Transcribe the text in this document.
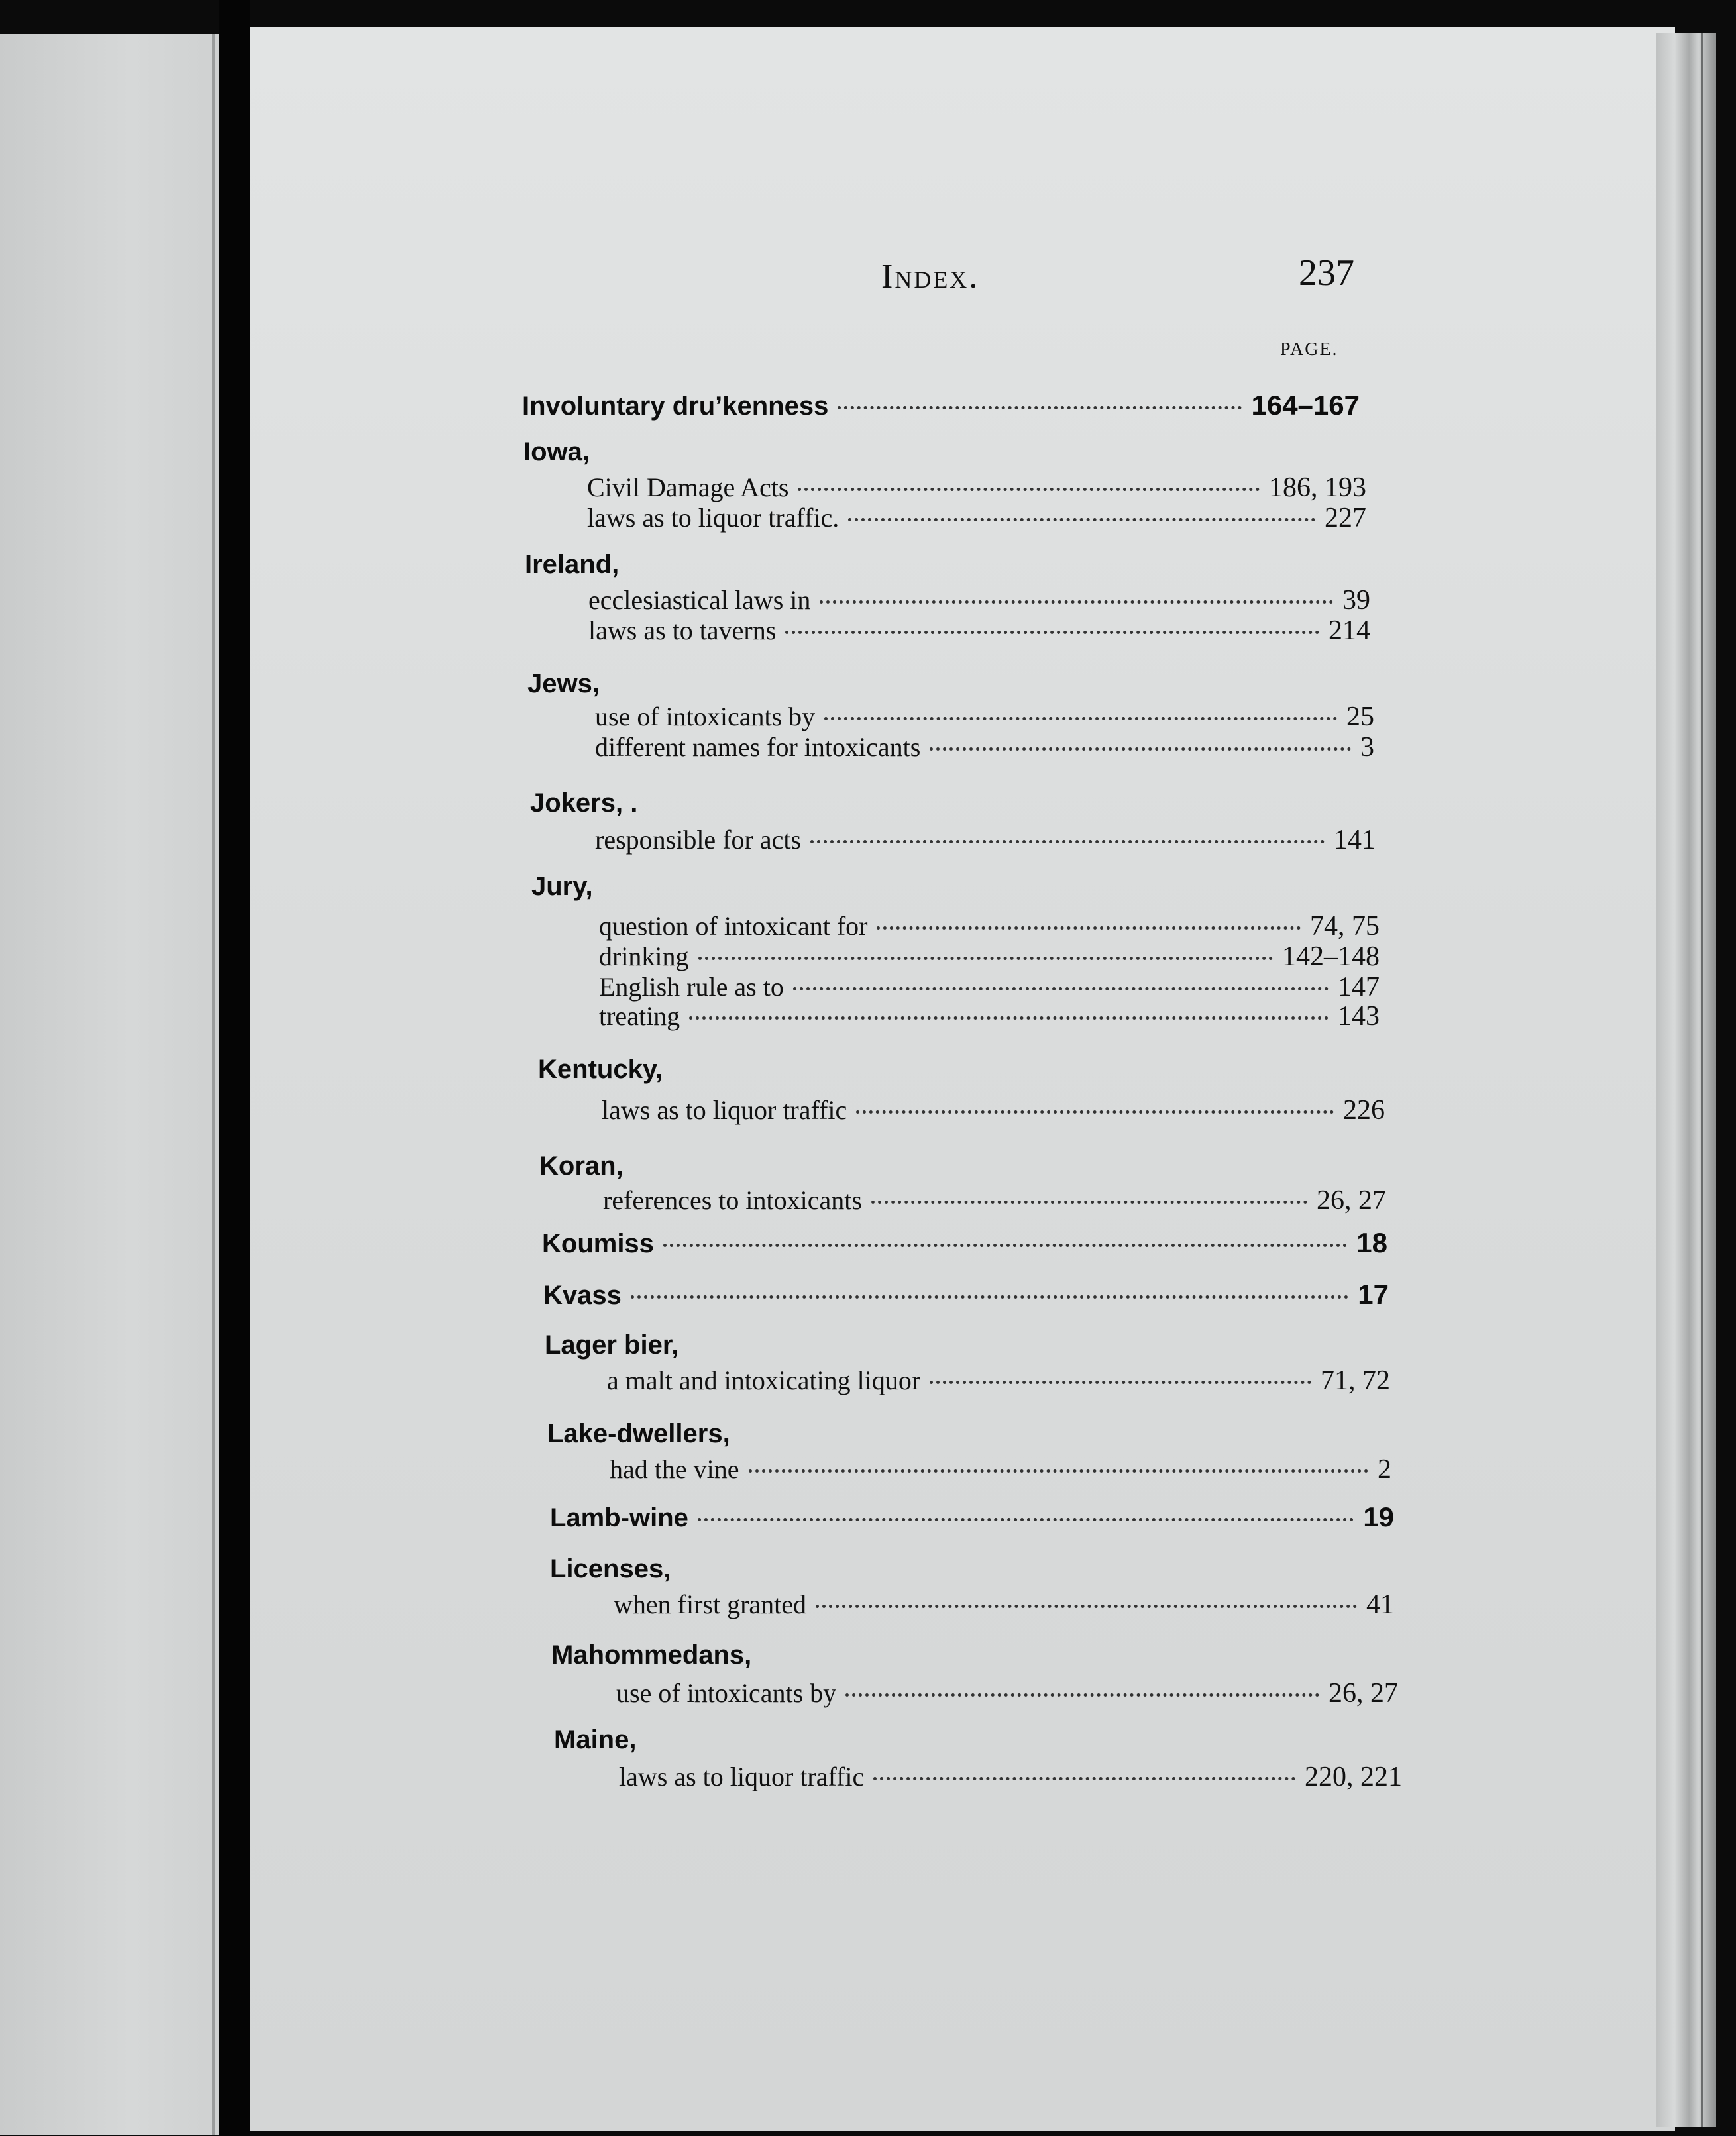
Index.	237
PAGE.
Involuntary dru’kenness	164–167
Iowa,
Civil Damage Acts	186, 193
laws as to liquor traffic.	227
Ireland,
ecclesiastical laws in	39
laws as to taverns	214
Jews,
use of intoxicants by	25
different names for intoxicants	3
Jokers, .
responsible for acts	141
Jury,
question of intoxicant for	74, 75
drinking	142–148
English rule as to	147
treating	143
Kentucky,
laws as to liquor traffic	226
Koran,
references to intoxicants	26, 27
Koumiss	18
Kvass	17
Lager bier,
a malt and intoxicating liquor	71, 72
Lake-dwellers,
had the vine	2
Lamb-wine	19
Licenses,
when first granted	41
Mahommedans,
use of intoxicants by	26, 27
Maine,
laws as to liquor traffic	220, 221
